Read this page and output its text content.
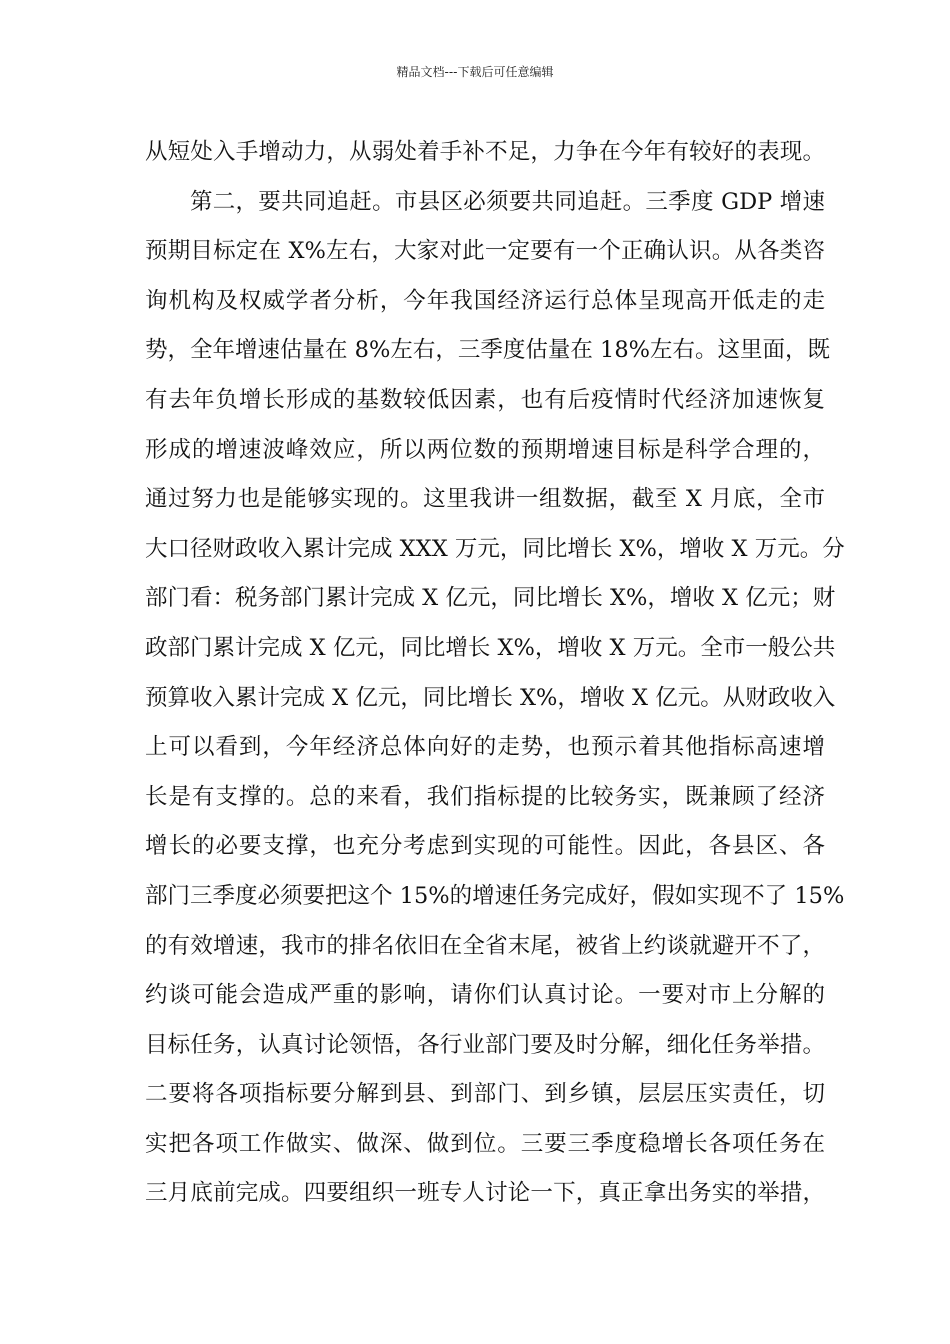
精品文档---下载后可任意编辑
从短处入手增动力，从弱处着手补不足，力争在今年有较好的表现。
第二，要共同追赶。市县区必须要共同追赶。三季度 GDP 增速
预期目标定在 X%左右，大家对此一定要有一个正确认识。从各类咨
询机构及权威学者分析，今年我国经济运行总体呈现高开低走的走
势，全年增速估量在 8%左右，三季度估量在 18%左右。这里面，既
有去年负增长形成的基数较低因素，也有后疫情时代经济加速恢复
形成的增速波峰效应，所以两位数的预期增速目标是科学合理的，
通过努力也是能够实现的。这里我讲一组数据，截至 X 月底，全市
大口径财政收入累计完成 XXX 万元，同比增长 X%，增收 X 万元。分
部门看：税务部门累计完成 X 亿元，同比增长 X%，增收 X 亿元；财
政部门累计完成 X 亿元，同比增长 X%，增收 X 万元。全市一般公共
预算收入累计完成 X 亿元，同比增长 X%，增收 X 亿元。从财政收入
上可以看到，今年经济总体向好的走势，也预示着其他指标高速增
长是有支撑的。总的来看，我们指标提的比较务实，既兼顾了经济
增长的必要支撑，也充分考虑到实现的可能性。因此，各县区、各
部门三季度必须要把这个 15%的增速任务完成好，假如实现不了 15%
的有效增速，我市的排名依旧在全省末尾，被省上约谈就避开不了，
约谈可能会造成严重的影响，请你们认真讨论。一要对市上分解的
目标任务，认真讨论领悟，各行业部门要及时分解，细化任务举措。
二要将各项指标要分解到县、到部门、到乡镇，层层压实责任，切
实把各项工作做实、做深、做到位。三要三季度稳增长各项任务在
三月底前完成。四要组织一班专人讨论一下，真正拿出务实的举措，
